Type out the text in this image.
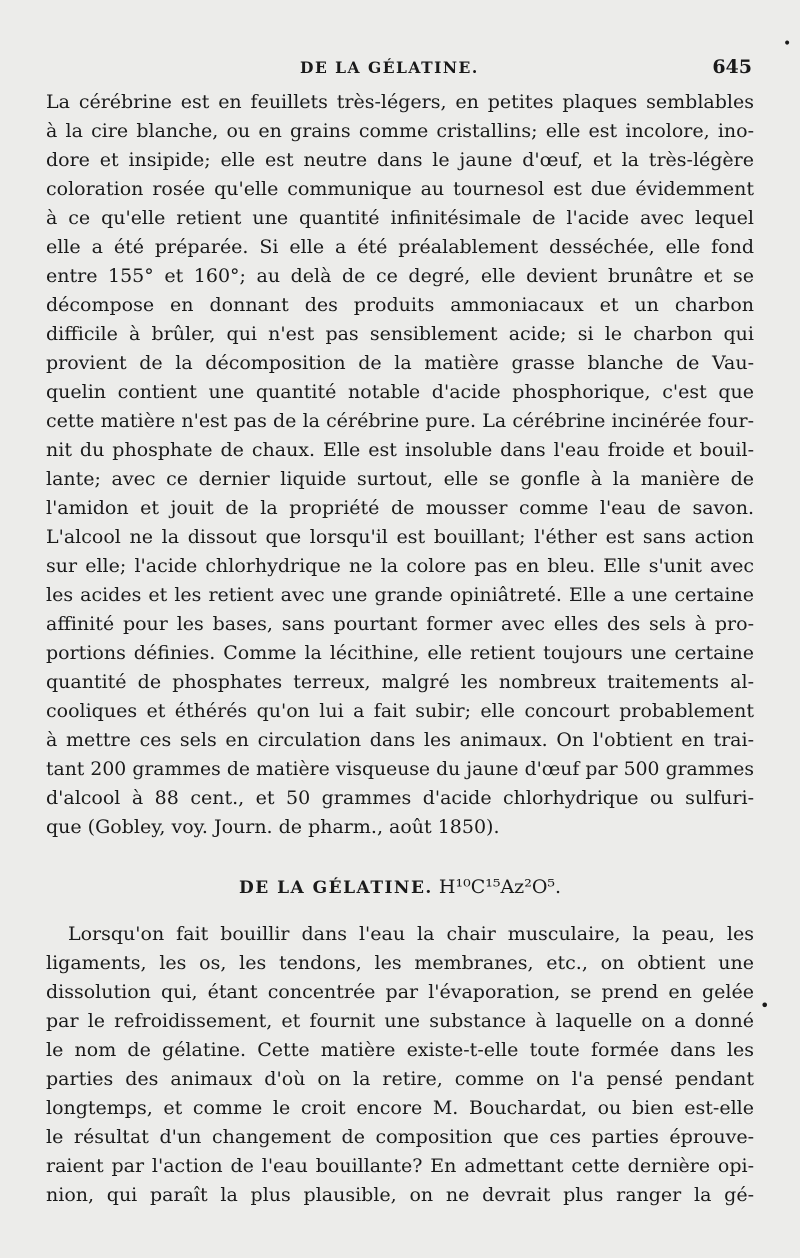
DE LA GÉLATINE.	645
•
La cérébrine est en feuillets très-légers, en petites plaques semblables
à la cire blanche, ou en grains comme cristallins; elle est incolore, ino-
dore et insipide; elle est neutre dans le jaune d'œuf, et la très-légère
coloration rosée qu'elle communique au tournesol est due évidemment
à ce qu'elle retient une quantité infinitésimale de l'acide avec lequel
elle a été préparée. Si elle a été préalablement desséchée, elle fond
entre 155° et 160°; au delà de ce degré, elle devient brunâtre et se
décompose en donnant des produits ammoniacaux et un charbon
difficile à brûler, qui n'est pas sensiblement acide; si le charbon qui
provient de la décomposition de la matière grasse blanche de Vau-
quelin contient une quantité notable d'acide phosphorique, c'est que
cette matière n'est pas de la cérébrine pure. La cérébrine incinérée four-
nit du phosphate de chaux. Elle est insoluble dans l'eau froide et bouil-
lante; avec ce dernier liquide surtout, elle se gonfle à la manière de
l'amidon et jouit de la propriété de mousser comme l'eau de savon.
L'alcool ne la dissout que lorsqu'il est bouillant; l'éther est sans action
sur elle; l'acide chlorhydrique ne la colore pas en bleu. Elle s'unit avec
les acides et les retient avec une grande opiniâtreté. Elle a une certaine
affinité pour les bases, sans pourtant former avec elles des sels à pro-
portions définies. Comme la lécithine, elle retient toujours une certaine
quantité de phosphates terreux, malgré les nombreux traitements al-
cooliques et éthérés qu'on lui a fait subir; elle concourt probablement
à mettre ces sels en circulation dans les animaux. On l'obtient en trai-
tant 200 grammes de matière visqueuse du jaune d'œuf par 500 grammes
d'alcool à 88 cent., et 50 grammes d'acide chlorhydrique ou sulfuri-
que (Gobley, voy. Journ. de pharm., août 1850).
DE LA GÉLATINE. H¹⁰C¹⁵Az²O⁵.
Lorsqu'on fait bouillir dans l'eau la chair musculaire, la peau, les
ligaments, les os, les tendons, les membranes, etc., on obtient une
dissolution qui, étant concentrée par l'évaporation, se prend en gelée
par le refroidissement, et fournit une substance à laquelle on a donné
le nom de gélatine. Cette matière existe-t-elle toute formée dans les
parties des animaux d'où on la retire, comme on l'a pensé pendant
longtemps, et comme le croit encore M. Bouchardat, ou bien est-elle
le résultat d'un changement de composition que ces parties éprouve-
raient par l'action de l'eau bouillante? En admettant cette dernière opi-
nion, qui paraît la plus plausible, on ne devrait plus ranger la gé-
•
